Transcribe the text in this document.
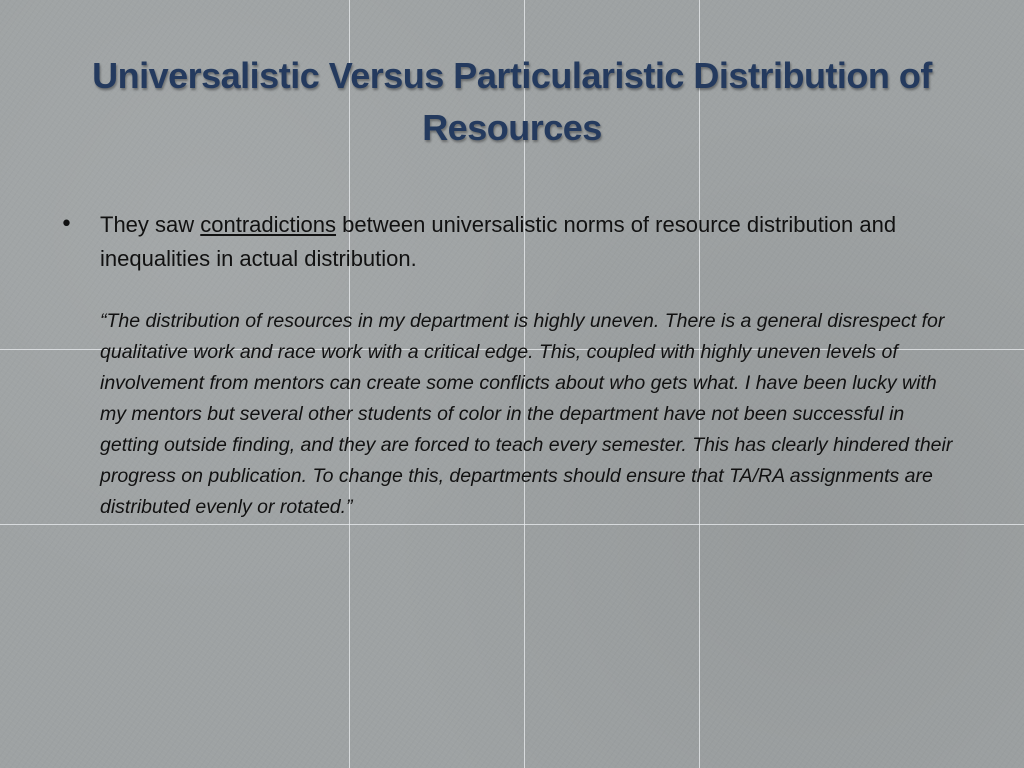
Universalistic Versus Particularistic Distribution of Resources
•	They saw contradictions between universalistic norms of resource distribution and inequalities in actual distribution.

“The distribution of resources in my department is highly uneven. There is a general disrespect for qualitative work and race work with a critical edge. This, coupled with highly uneven levels of involvement from mentors can create some conflicts about who gets what. I have been lucky with my mentors but several other students of color in the department have not been successful in getting outside finding, and they are forced to teach every semester. This has clearly hindered their progress on publication. To change this, departments should ensure that TA/RA assignments are distributed evenly or rotated.”
